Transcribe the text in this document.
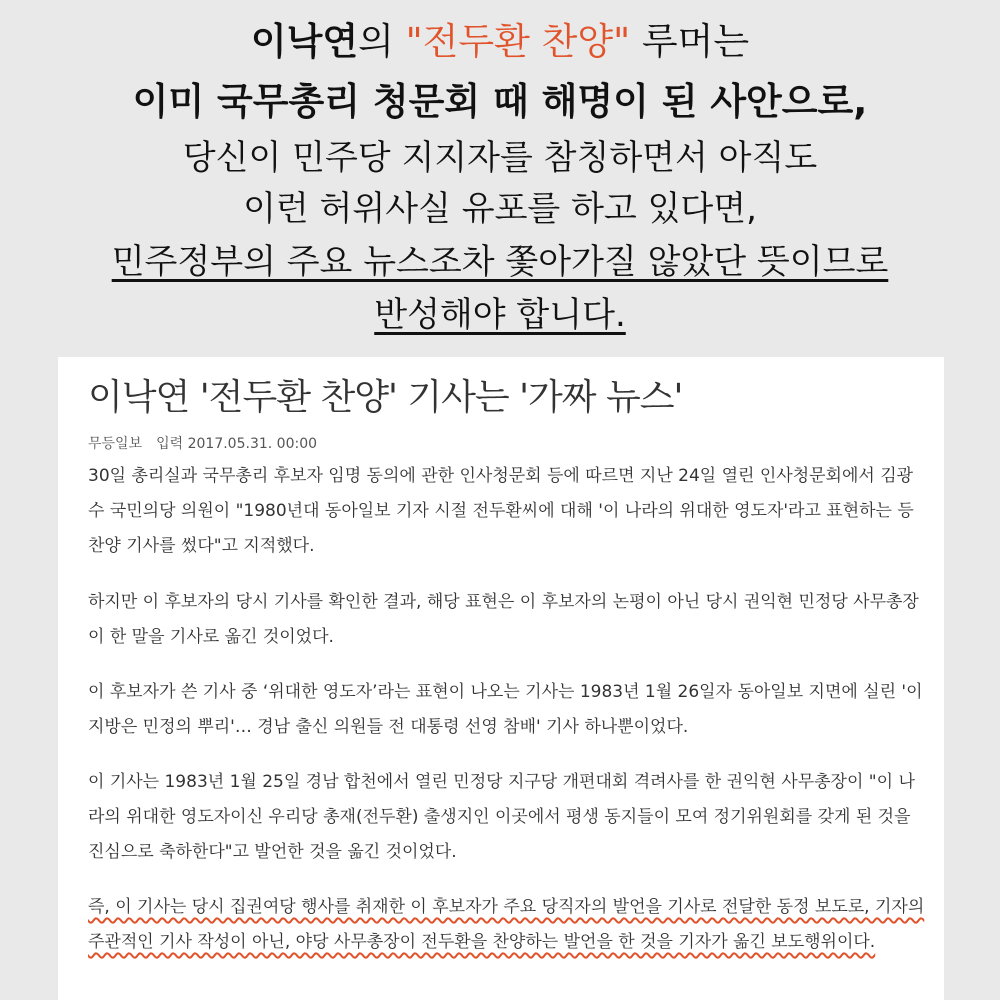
이낙연의 "전두환 찬양" 루머는
이미 국무총리 청문회 때 해명이 된 사안으로,
당신이 민주당 지지자를 참칭하면서 아직도
이런 허위사실 유포를 하고 있다면,
민주정부의 주요 뉴스조차 쫓아가질 않았단 뜻이므로
반성해야 합니다.
이낙연 '전두환 찬양' 기사는 '가짜 뉴스'
무등일보 입력 2017.05.31. 00:00
30일 총리실과 국무총리 후보자 임명 동의에 관한 인사청문회 등에 따르면 지난 24일 열린 인사청문회에서 김광수 국민의당 의원이 "1980년대 동아일보 기자 시절 전두환씨에 대해 '이 나라의 위대한 영도자'라고 표현하는 등 찬양 기사를 썼다"고 지적했다.
하지만 이 후보자의 당시 기사를 확인한 결과, 해당 표현은 이 후보자의 논평이 아닌 당시 권익현 민정당 사무총장이 한 말을 기사로 옮긴 것이었다.
이 후보자가 쓴 기사 중 ‘위대한 영도자’라는 표현이 나오는 기사는 1983년 1월 26일자 동아일보 지면에 실린 '이 지방은 민정의 뿌리'… 경남 출신 의원들 전 대통령 선영 참배' 기사 하나뿐이었다.
이 기사는 1983년 1월 25일 경남 합천에서 열린 민정당 지구당 개편대회 격려사를 한 권익현 사무총장이 "이 나라의 위대한 영도자이신 우리당 총재(전두환) 출생지인 이곳에서 평생 동지들이 모여 정기위원회를 갖게 된 것을 진심으로 축하한다"고 발언한 것을 옮긴 것이었다.
즉, 이 기사는 당시 집권여당 행사를 취재한 이 후보자가 주요 당직자의 발언을 기사로 전달한 동정 보도로, 기자의 주관적인 기사 작성이 아닌, 야당 사무총장이 전두환을 찬양하는 발언을 한 것을 기자가 옮긴 보도행위이다.
